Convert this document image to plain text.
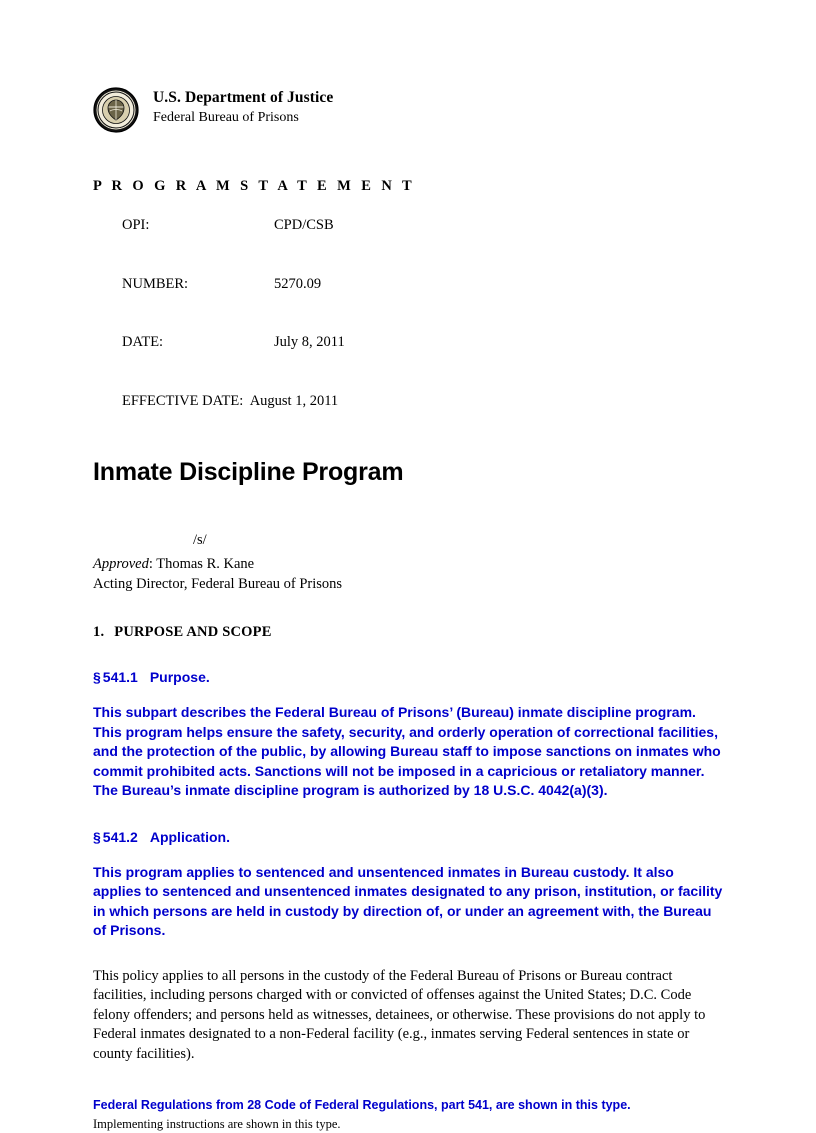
U.S. Department of Justice
Federal Bureau of Prisons
P R O G R A M S T A T E M E N T

OPI:	CPD/CSB

NUMBER:	5270.09

DATE:	July 8, 2011

EFFECTIVE DATE: August 1, 2011

Inmate Discipline Program
/s/
Approved: Thomas R. Kane
Acting Director, Federal Bureau of Prisons
1. PURPOSE AND SCOPE
§ 541.1 Purpose.
This subpart describes the Federal Bureau of Prisons’ (Bureau) inmate discipline program. This program helps ensure the safety, security, and orderly operation of correctional facilities, and the protection of the public, by allowing Bureau staff to impose sanctions on inmates who commit prohibited acts. Sanctions will not be imposed in a capricious or retaliatory manner. The Bureau’s inmate discipline program is authorized by 18 U.S.C. 4042(a)(3).
§ 541.2 Application.
This program applies to sentenced and unsentenced inmates in Bureau custody. It also applies to sentenced and unsentenced inmates designated to any prison, institution, or facility in which persons are held in custody by direction of, or under an agreement with, the Bureau of Prisons.
This policy applies to all persons in the custody of the Federal Bureau of Prisons or Bureau contract facilities, including persons charged with or convicted of offenses against the United States; D.C. Code felony offenders; and persons held as witnesses, detainees, or otherwise. These provisions do not apply to Federal inmates designated to a non-Federal facility (e.g., inmates serving Federal sentences in state or county facilities).
Federal Regulations from 28 Code of Federal Regulations, part 541, are shown in this type.
Implementing instructions are shown in this type.
